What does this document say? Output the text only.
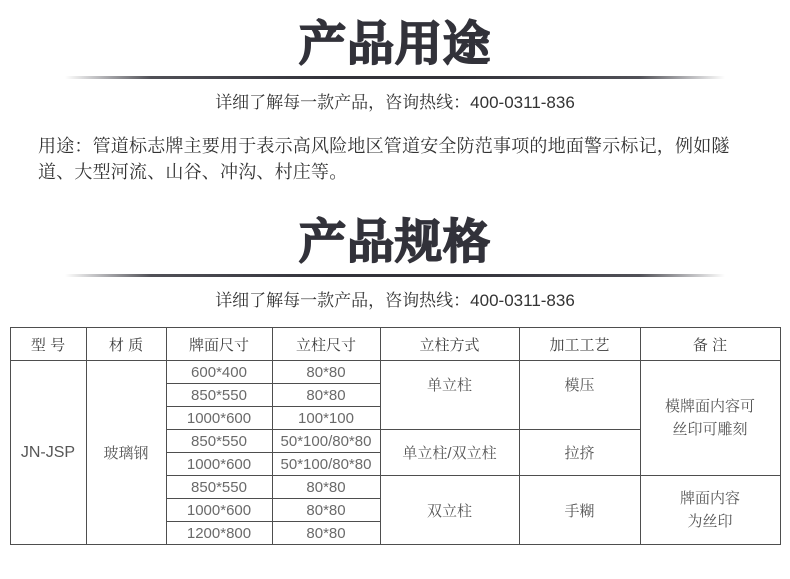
产品用途
详细了解每一款产品，咨询热线：400-0311-836

用途：管道标志牌主要用于表示高风险地区管道安全防范事项的地面警示标记，例如隧道、大型河流、山谷、冲沟、村庄等。

产品规格
详细了解每一款产品，咨询热线：400-0311-836
型 号	材 质	牌面尺寸	立柱尺寸	立柱方式	加工工艺	备 注
JN-JSP	玻璃钢	600*400	80*80	单立柱	模压	模牌面内容可
丝印可雕刻

		850*550	80*80			
		1000*600	100*100			
		850*550	50*100/80*80	单立柱/双立柱	拉挤	
		1000*600	50*100/80*80			
		850*550	80*80	双立柱	手糊	牌面内容
为丝印

		1000*600	80*80			
		1200*800	80*80			
